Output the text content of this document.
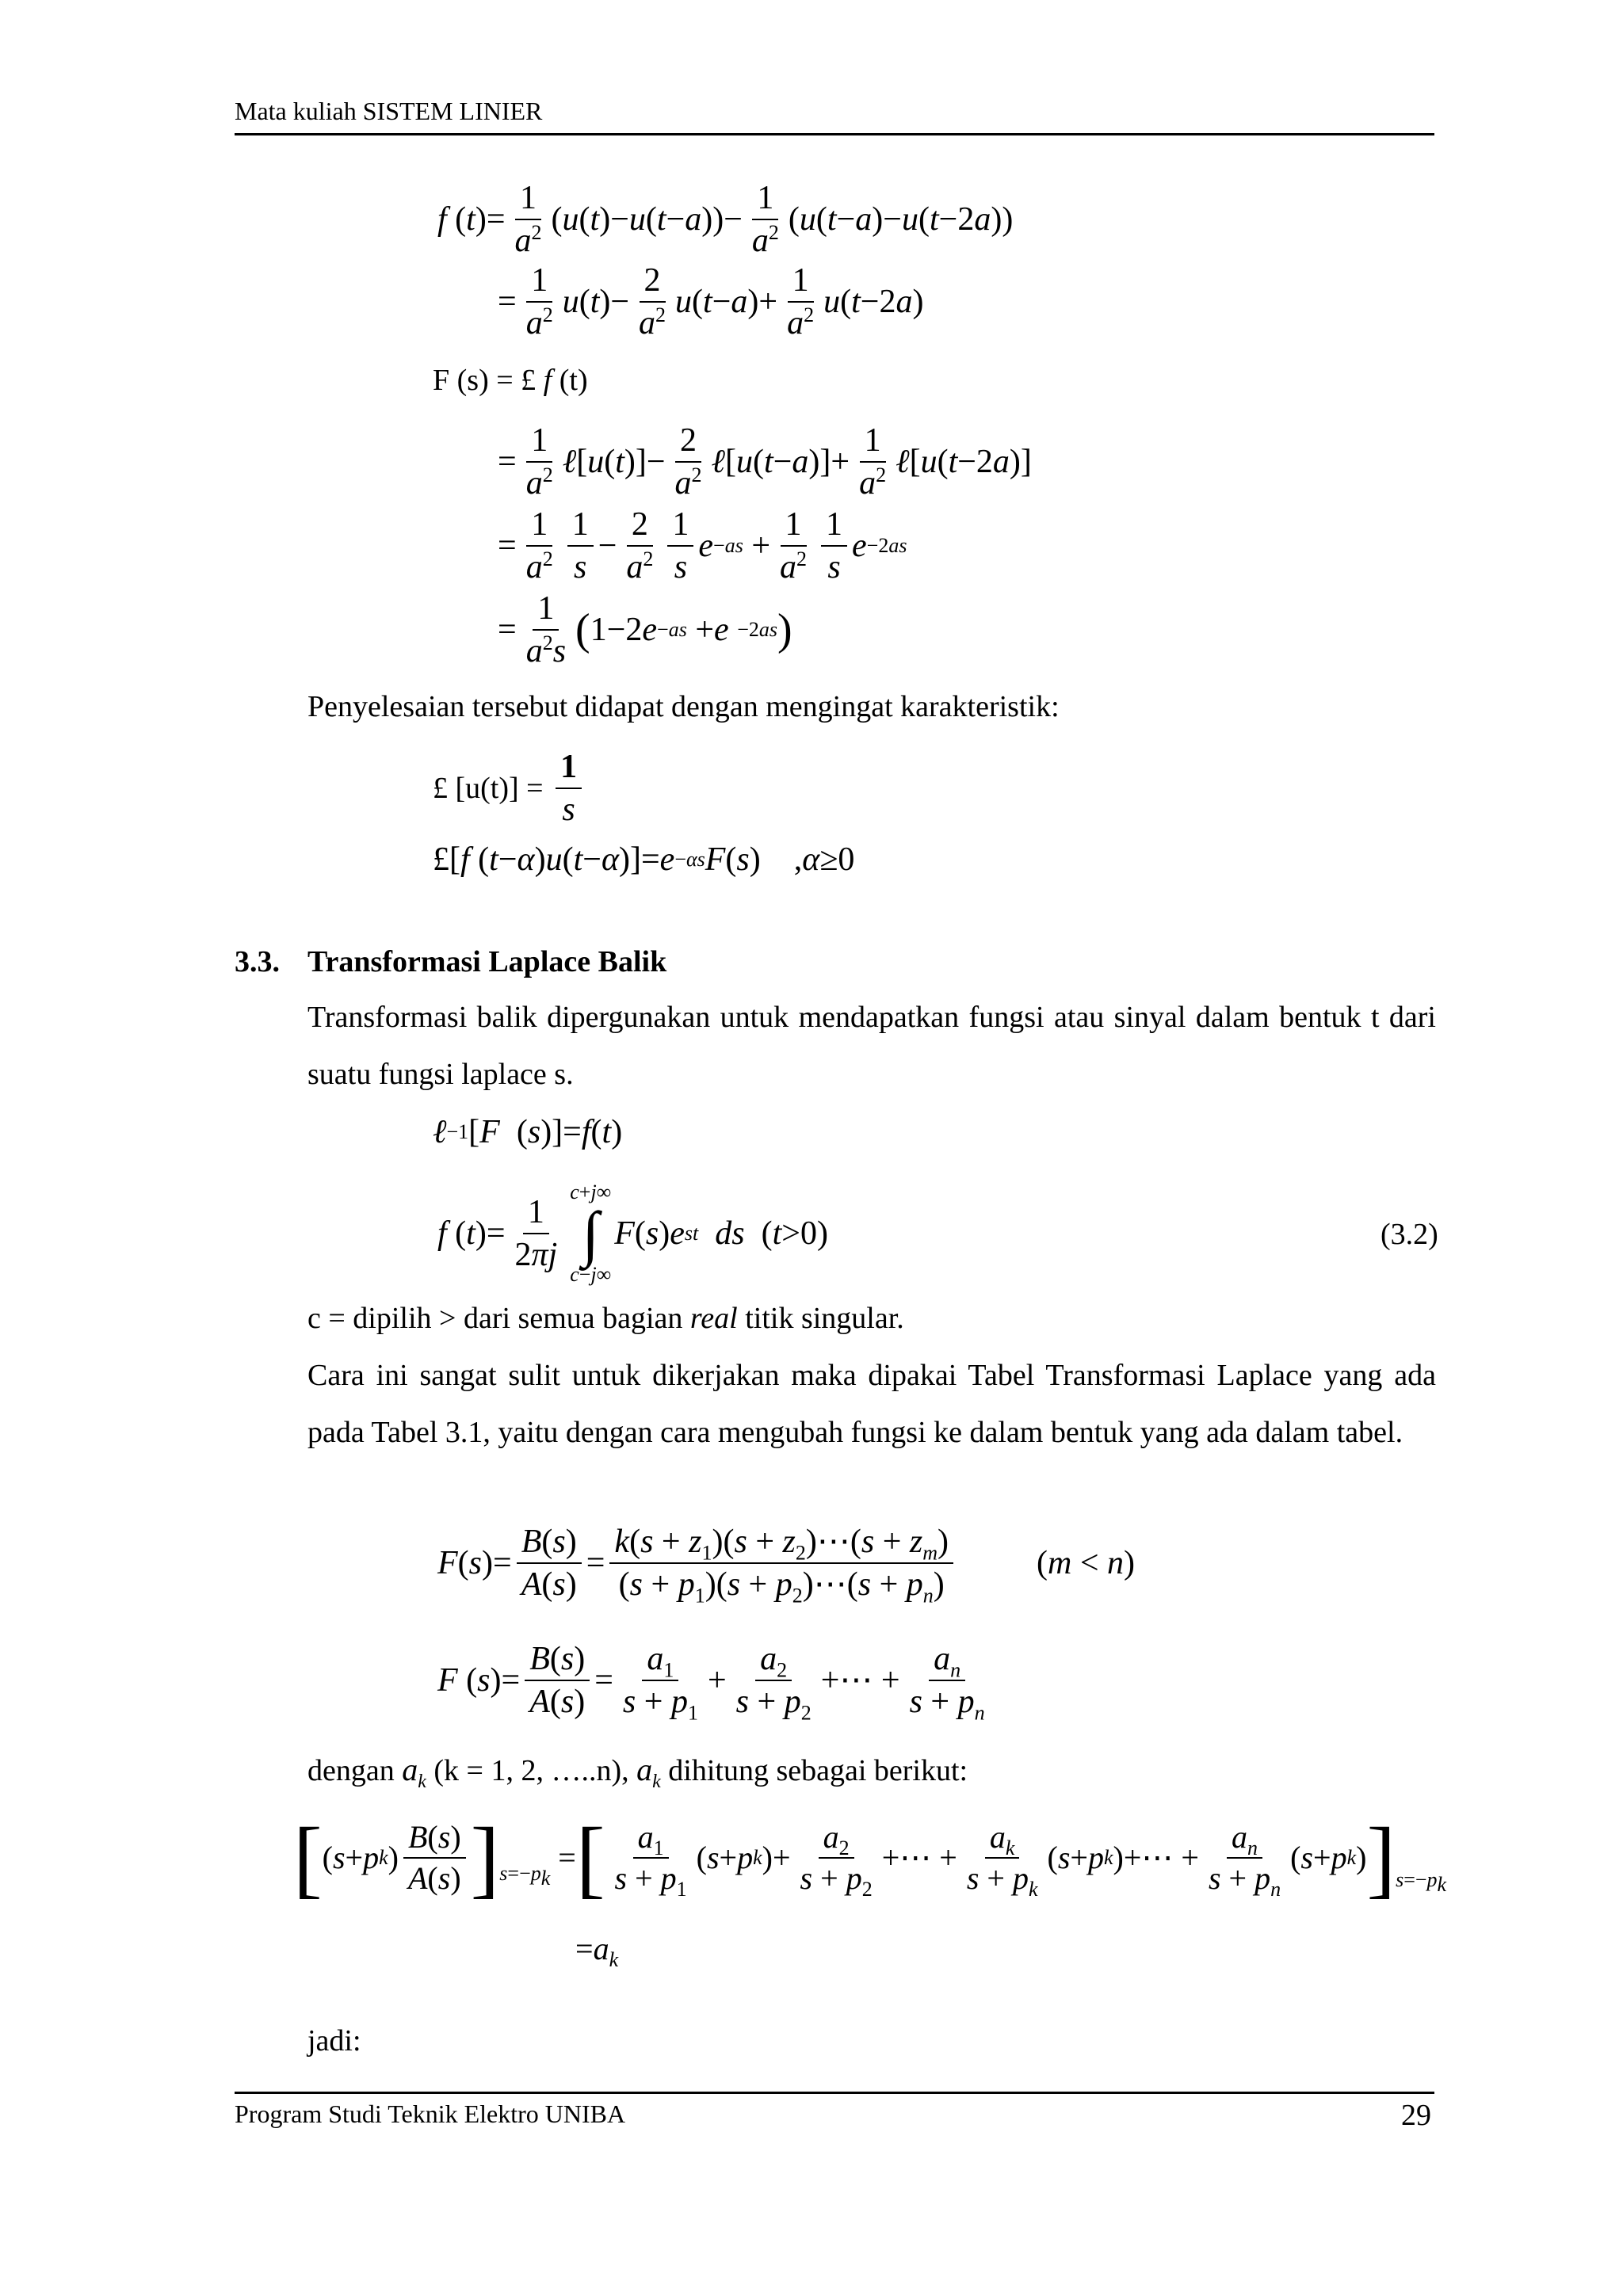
Mata kuliah SISTEM LINIER
f ( t )= $\frac{1}{a^2}$ ( u ( t )− u ( t − a ))− $\frac{1}{a^2}$ ( u ( t − a )− u ( t −2 a ))
= $\frac{1}{a^2}$ u ( t )− $\frac{2}{a^2}$ u ( t − a )+ $\frac{1}{a^2}$ u ( t −2 a )
F (s) = £ f (t)
= $\frac{1}{a^2}$ ℓ [ u ( t )]− $\frac{2}{a^2}$ ℓ [ u ( t − a )]+ $\frac{1}{a^2}$ ℓ [ u ( t −2 a )]
= $\frac{1}{a^2} \frac{1}{s} - \frac{2}{a^2} \frac{1}{s}$ $e -as + \frac{1}{a^2} \frac{1}{s}$ e −2as
= $\frac{1}{a^2s}$ ( 1−2 e −as + e
−2as )
Penyelesaian tersebut didapat dengan mengingat karakteristik:
£ $[u(t)] = \frac{1}{s}$
£[ f ( t − α ) u ( t − α )]= e −αs F ( s )    , α ≥0
3.3. Transformasi Laplace Balik
Transformasi balik dipergunakan untuk mendapatkan fungsi atau sinyal dalam bentuk t dari suatu fungsi laplace s.
ℓ −1 [ F ( s )]= f ( t )
f ( t )= $\frac{1}{2\pi j}$
c+j∞
∫
c−j∞
F ( s ) e st
ds ( t >0)	(3.2)
c = dipilih > dari semua bagian real titik singular.
Cara ini sangat sulit untuk dikerjakan maka dipakai Tabel Transformasi Laplace yang ada pada Tabel 3.1, yaitu dengan cara mengubah fungsi ke dalam bentuk yang ada dalam tabel.
F ( s )= $\frac{B(s)}{A(s)} = \frac{k(s + z_1)(s + z_2)\cdots(s + z_m)}{(s + p_1)(s + p_2)\cdots(s + p_n)} (m < n)$
F ( s )= $\frac{B(s)}{A(s)} = \frac{a_1}{s + p_1} + \frac{a_2}{s + p_2}$ +⋯ + $\frac{a_n}{s + p_n}$
dengan $a_k$ (k = 1, 2, …..n), $a_k$ dihitung sebagai berikut:
[ ( s + p k ) $\frac{B(s)}{A(s)}$ ] $s=-p_k$
= [ $\frac{a_1}{s + p_1}$ ( s + p k )+ $\frac{a_2}{s + p_2}$ +⋯ + $\frac{a_k}{s + p_k}$ ( s + p k )+⋯ + $\frac{a_n}{s + p_n}$ ( s + p k ) ] $s=-p_k$
$=a_k$
jadi:
Program Studi Teknik Elektro UNIBA	29
